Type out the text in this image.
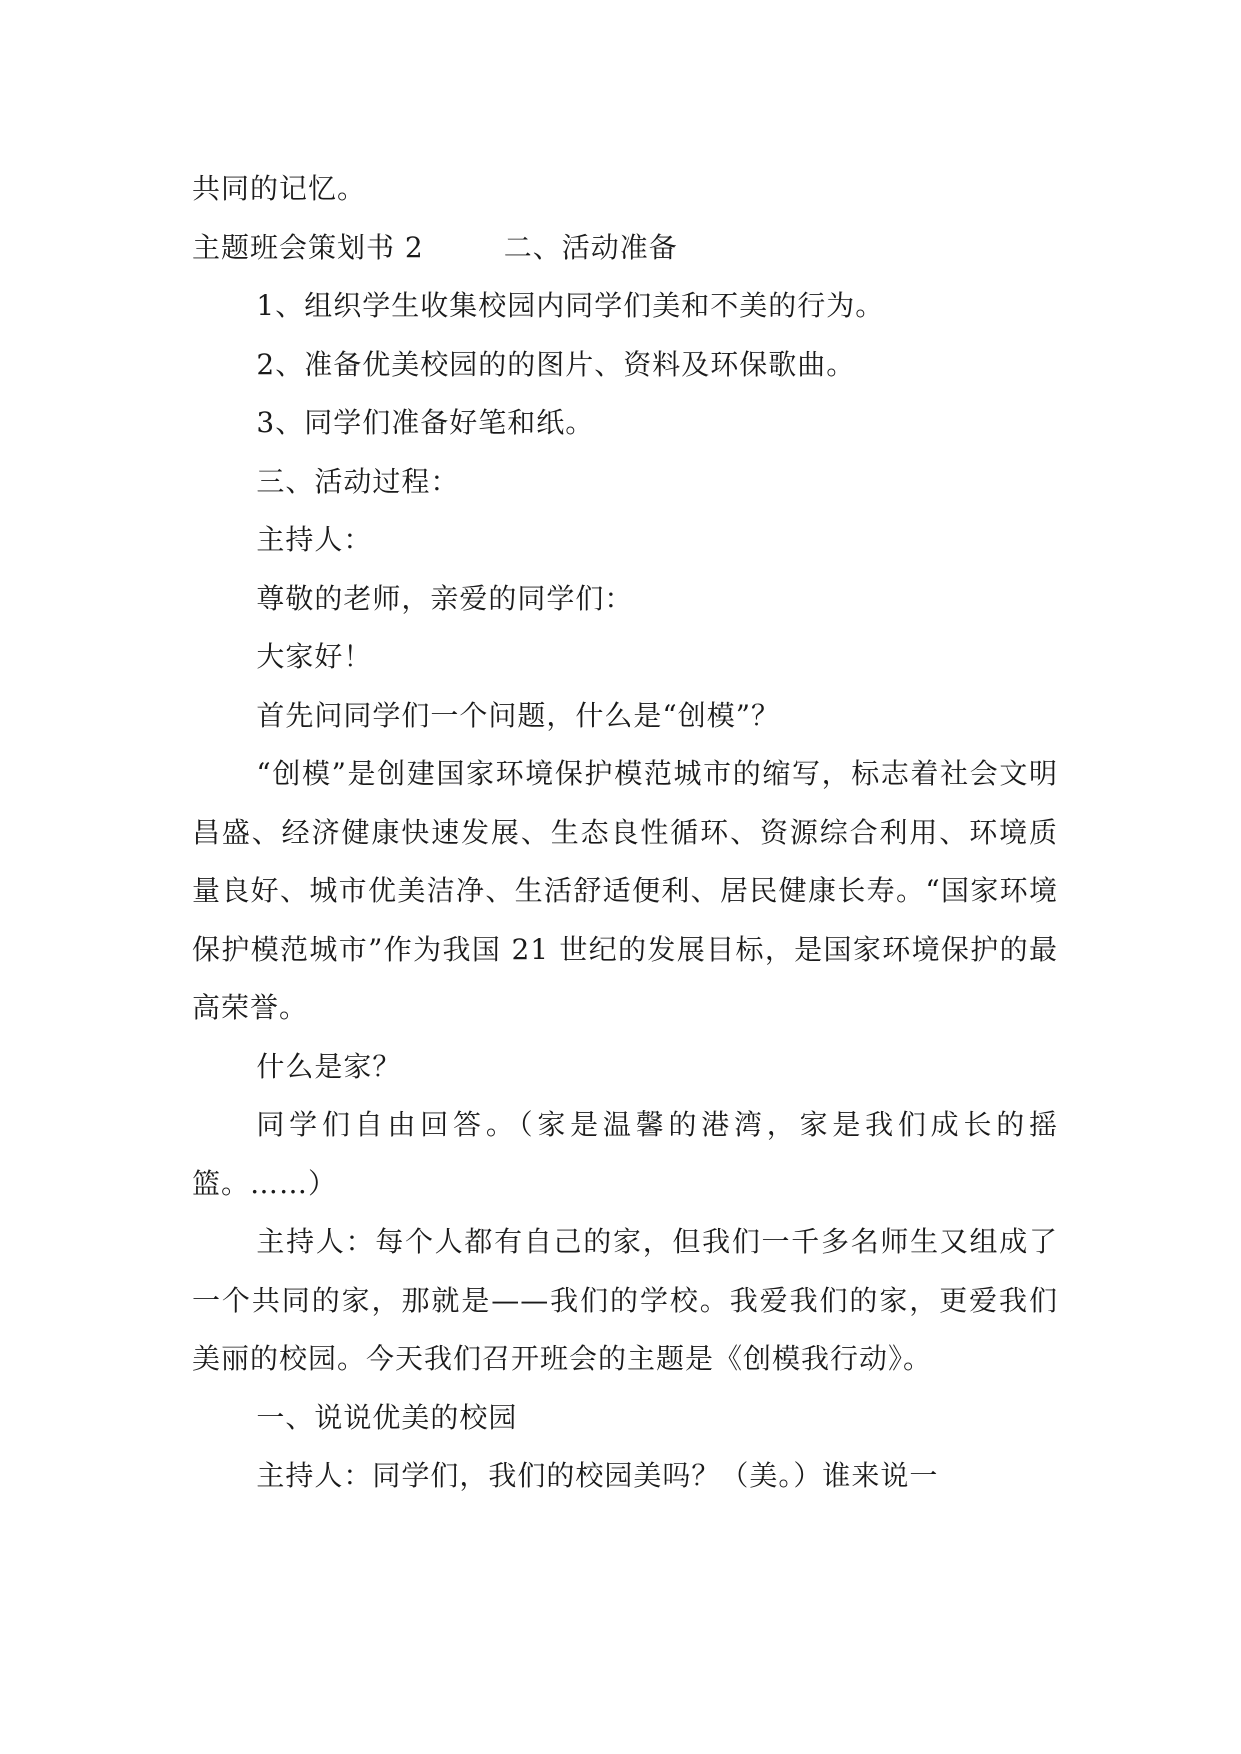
共同的记忆。

主题班会策划书 2	二、活动准备

1、组织学生收集校园内同学们美和不美的行为。

2、准备优美校园的的图片、资料及环保歌曲。

3、同学们准备好笔和纸。

三、活动过程：

主持人：

尊敬的老师，亲爱的同学们：

大家好！

首先问同学们一个问题，什么是“创模”？

“创模”是创建国家环境保护模范城市的缩写，标志着社会文明昌盛、经济健康快速发展、生态良性循环、资源综合利用、环境质量良好、城市优美洁净、生活舒适便利、居民健康长寿。“国家环境保护模范城市”作为我国 21 世纪的发展目标，是国家环境保护的最高荣誉。

什么是家？

同学们自由回答。（家是温馨的港湾，家是我们成长的摇篮。……）

主持人：每个人都有自己的家，但我们一千多名师生又组成了一个共同的家，那就是——我们的学校。我爱我们的家，更爱我们美丽的校园。今天我们召开班会的主题是《创模我行动》。

一、说说优美的校园

主持人：同学们，我们的校园美吗？（美。）谁来说一
